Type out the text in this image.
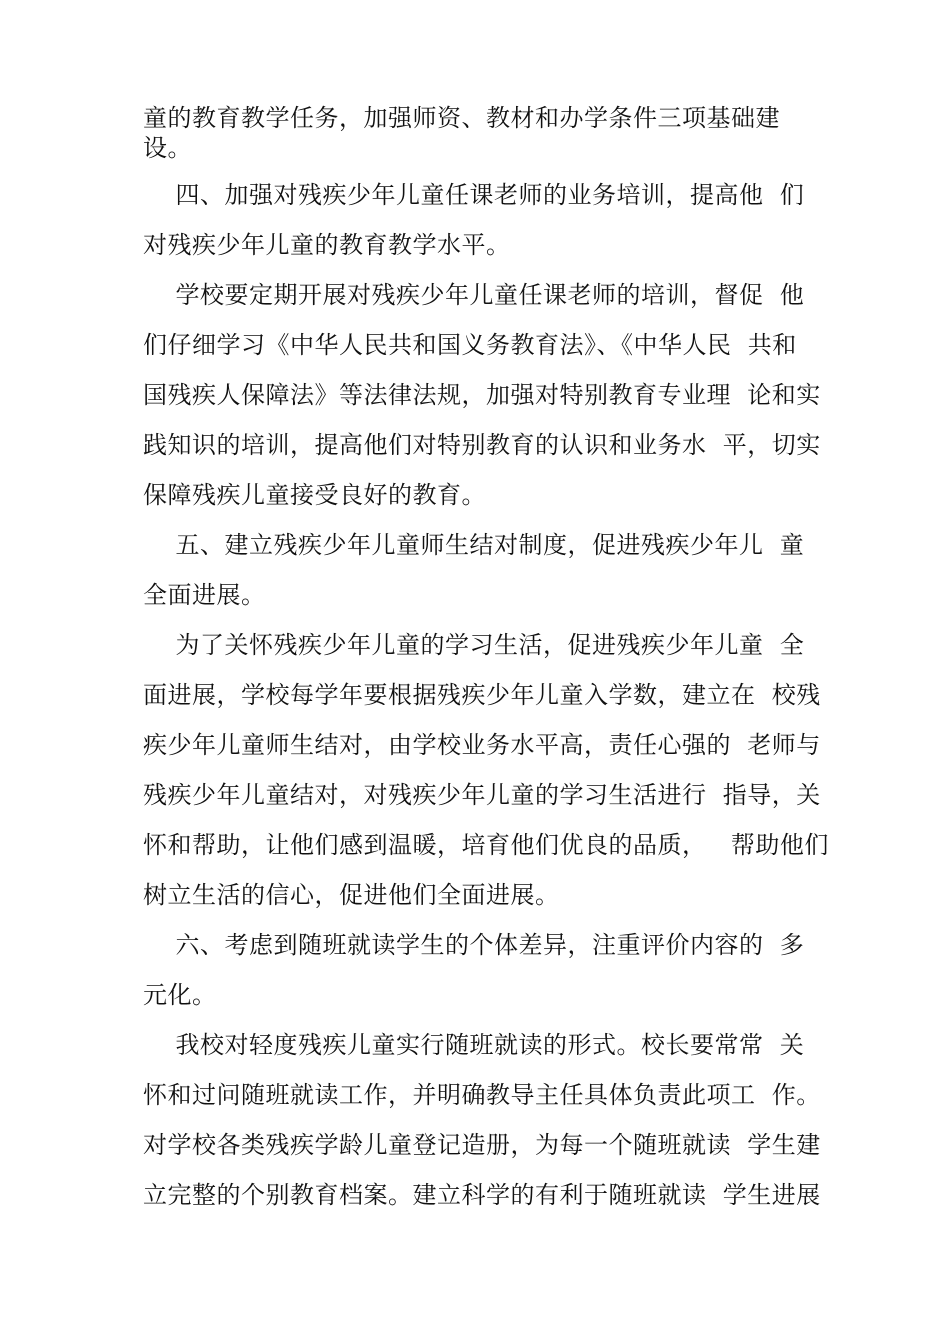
童的教育教学任务，加强师资、教材和办学条件三项基础建
设。
四、加强对残疾少年儿童任课老师的业务培训，提高他  们
对残疾少年儿童的教育教学水平。
学校要定期开展对残疾少年儿童任课老师的培训，督促  他
们仔细学习《中华人民共和国义务教育法》、《中华人民  共和
国残疾人保障法》等法律法规，加强对特别教育专业理  论和实
践知识的培训，提高他们对特别教育的认识和业务水  平，切实
保障残疾儿童接受良好的教育。
五、建立残疾少年儿童师生结对制度，促进残疾少年儿  童
全面进展。
为了关怀残疾少年儿童的学习生活，促进残疾少年儿童  全
面进展，学校每学年要根据残疾少年儿童入学数，建立在  校残
疾少年儿童师生结对，由学校业务水平高，责任心强的  老师与
残疾少年儿童结对，对残疾少年儿童的学习生活进行  指导，关
怀和帮助，让他们感到温暖，培育他们优良的品质，   帮助他们
树立生活的信心，促进他们全面进展。
六、考虑到随班就读学生的个体差异，注重评价内容的  多
元化。
我校对轻度残疾儿童实行随班就读的形式。校长要常常  关
怀和过问随班就读工作，并明确教导主任具体负责此项工  作。
对学校各类残疾学龄儿童登记造册，为每一个随班就读  学生建
立完整的个别教育档案。建立科学的有利于随班就读  学生进展
